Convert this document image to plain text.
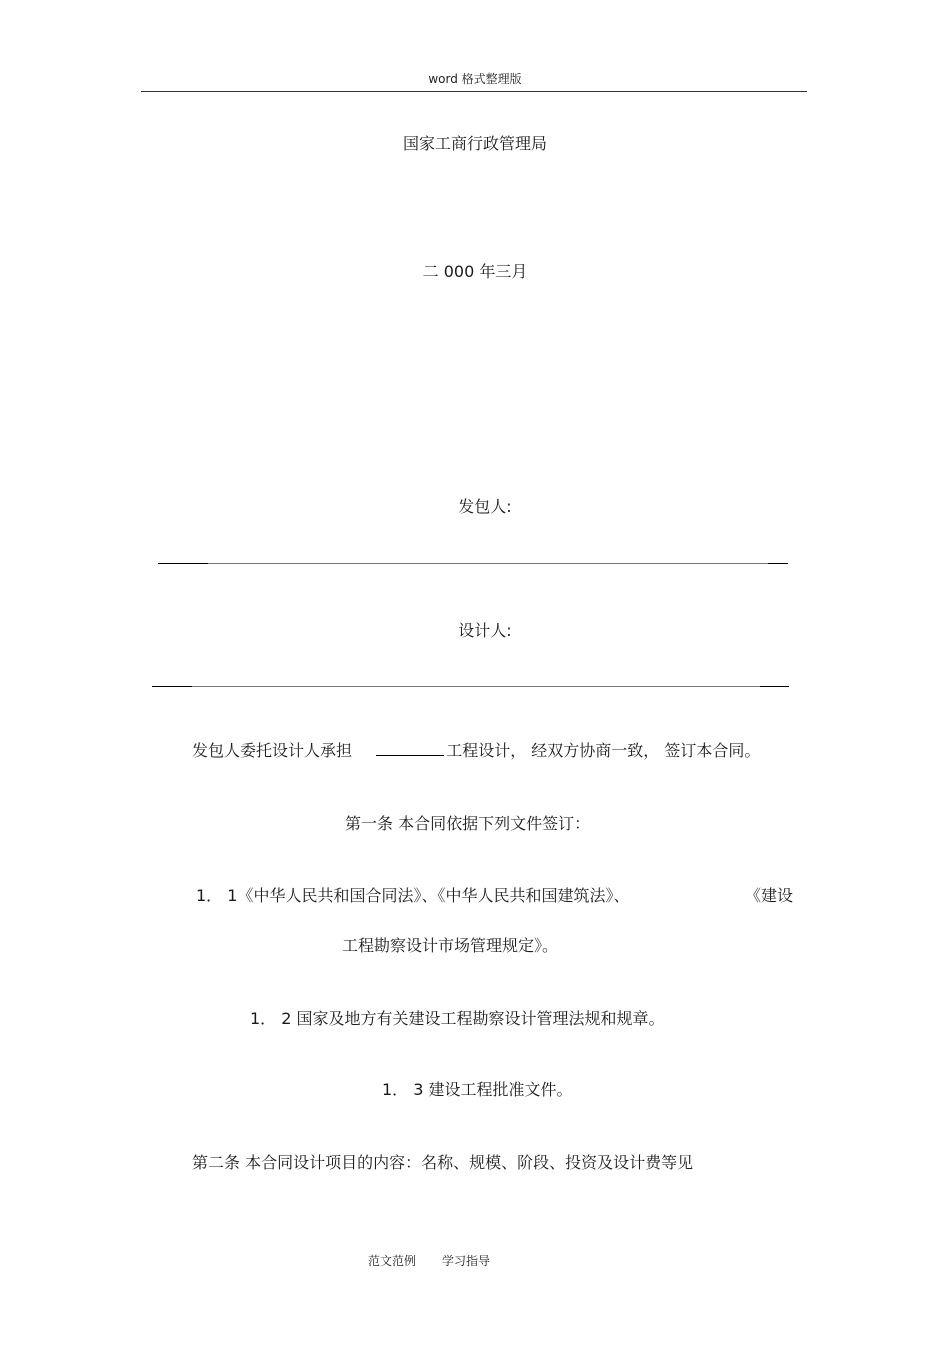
word 格式整理版
国家工商行政管理局
二 000 年三月
发包人:
设计人:
发包人委托设计人承担	工程设计， 经双方协商一致， 签订本合同。
第一条 本合同依据下列文件签订：
1． 1《中华人民共和国合同法》、《中华人民共和国建筑法》、	《建设
工程勘察设计市场管理规定》。
1． 2 国家及地方有关建设工程勘察设计管理法规和规章。
1． 3 建设工程批准文件。
第二条 本合同设计项目的内容：名称、规模、阶段、投资及设计费等见
范文范例 学习指导
